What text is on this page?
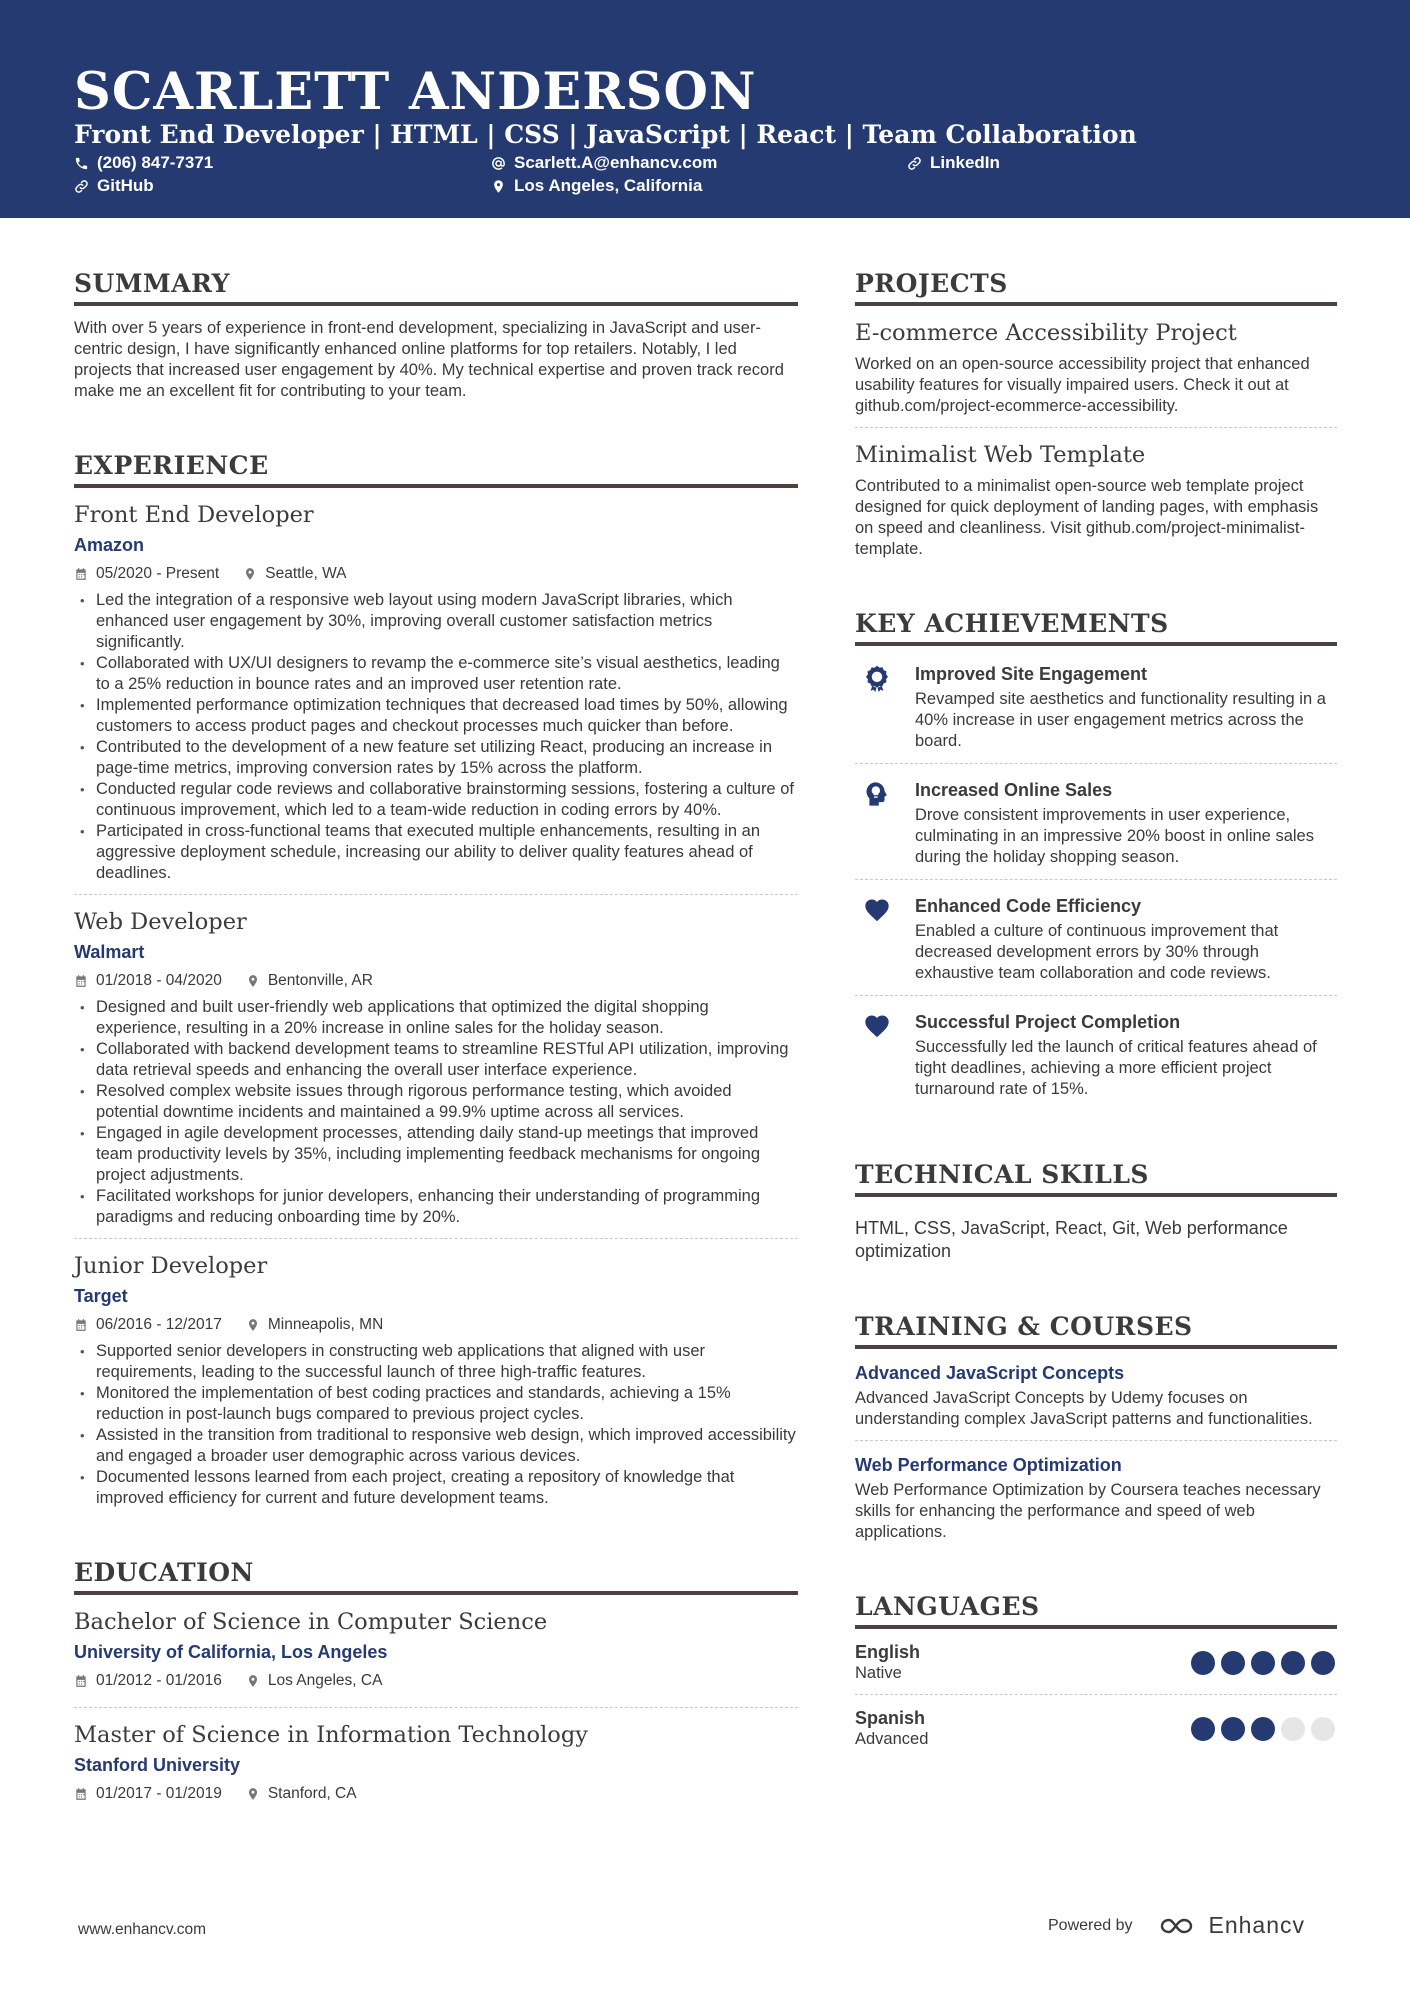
SCARLETT ANDERSON
Front End Developer | HTML | CSS | JavaScript | React | Team Collaboration
(206) 847-7371	Scarlett.A@enhancv.com	LinkedIn
GitHub	Los Angeles, California
SUMMARY
With over 5 years of experience in front-end development, specializing in JavaScript and user-centric design, I have significantly enhanced online platforms for top retailers. Notably, I led projects that increased user engagement by 40%. My technical expertise and proven track record make me an excellent fit for contributing to your team.
EXPERIENCE
Front End Developer
Amazon
05/2020 - Present	Seattle, WA
• Led the integration of a responsive web layout using modern JavaScript libraries, which enhanced user engagement by 30%, improving overall customer satisfaction metrics significantly.
• Collaborated with UX/UI designers to revamp the e-commerce site’s visual aesthetics, leading to a 25% reduction in bounce rates and an improved user retention rate.
• Implemented performance optimization techniques that decreased load times by 50%, allowing customers to access product pages and checkout processes much quicker than before.
• Contributed to the development of a new feature set utilizing React, producing an increase in page-time metrics, improving conversion rates by 15% across the platform.
• Conducted regular code reviews and collaborative brainstorming sessions, fostering a culture of continuous improvement, which led to a team-wide reduction in coding errors by 40%.
• Participated in cross-functional teams that executed multiple enhancements, resulting in an aggressive deployment schedule, increasing our ability to deliver quality features ahead of deadlines.
Web Developer
Walmart
01/2018 - 04/2020	Bentonville, AR
• Designed and built user-friendly web applications that optimized the digital shopping experience, resulting in a 20% increase in online sales for the holiday season.
• Collaborated with backend development teams to streamline RESTful API utilization, improving data retrieval speeds and enhancing the overall user interface experience.
• Resolved complex website issues through rigorous performance testing, which avoided potential downtime incidents and maintained a 99.9% uptime across all services.
• Engaged in agile development processes, attending daily stand-up meetings that improved team productivity levels by 35%, including implementing feedback mechanisms for ongoing project adjustments.
• Facilitated workshops for junior developers, enhancing their understanding of programming paradigms and reducing onboarding time by 20%.
Junior Developer
Target
06/2016 - 12/2017	Minneapolis, MN
• Supported senior developers in constructing web applications that aligned with user requirements, leading to the successful launch of three high-traffic features.
• Monitored the implementation of best coding practices and standards, achieving a 15% reduction in post-launch bugs compared to previous project cycles.
• Assisted in the transition from traditional to responsive web design, which improved accessibility and engaged a broader user demographic across various devices.
• Documented lessons learned from each project, creating a repository of knowledge that improved efficiency for current and future development teams.
EDUCATION
Bachelor of Science in Computer Science
University of California, Los Angeles
01/2012 - 01/2016	Los Angeles, CA
Master of Science in Information Technology
Stanford University
01/2017 - 01/2019	Stanford, CA
PROJECTS
E-commerce Accessibility Project
Worked on an open-source accessibility project that enhanced usability features for visually impaired users. Check it out at github.com/project-ecommerce-accessibility.
Minimalist Web Template
Contributed to a minimalist open-source web template project designed for quick deployment of landing pages, with emphasis on speed and cleanliness. Visit github.com/project-minimalist-template.
KEY ACHIEVEMENTS
Improved Site Engagement
Revamped site aesthetics and functionality resulting in a 40% increase in user engagement metrics across the board.
Increased Online Sales
Drove consistent improvements in user experience, culminating in an impressive 20% boost in online sales during the holiday shopping season.
Enhanced Code Efficiency
Enabled a culture of continuous improvement that decreased development errors by 30% through exhaustive team collaboration and code reviews.
Successful Project Completion
Successfully led the launch of critical features ahead of tight deadlines, achieving a more efficient project turnaround rate of 15%.
TECHNICAL SKILLS
HTML, CSS, JavaScript, React, Git, Web performance optimization
TRAINING & COURSES
Advanced JavaScript Concepts
Advanced JavaScript Concepts by Udemy focuses on understanding complex JavaScript patterns and functionalities.
Web Performance Optimization
Web Performance Optimization by Coursera teaches necessary skills for enhancing the performance and speed of web applications.
LANGUAGES
English
Native
Spanish
Advanced
www.enhancv.com	Powered by	Enhancv
